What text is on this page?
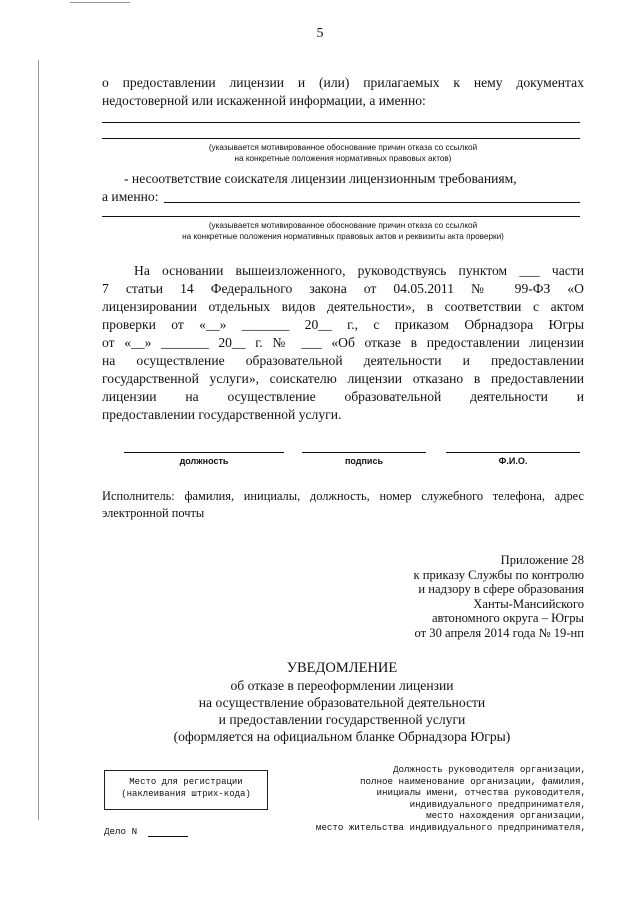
5
о предоставлении лицензии и (или) прилагаемых к нему документах
недостоверной или искаженной информации, а именно:
(указывается мотивированное обоснование причин отказа со ссылкой
на конкретные положения нормативных правовых актов)
- несоответствие соискателя лицензии лицензионным требованиям,
а именно:
(указывается мотивированное обоснование причин отказа со ссылкой
на конкретные положения нормативных правовых актов и реквизиты акта проверки)
На основании вышеизложенного, руководствуясь пунктом ___ части
7 статьи 14 Федерального закона от 04.05.2011 № 99-ФЗ «О
лицензировании отдельных видов деятельности», в соответствии с актом
проверки от «__» _______ 20__ г., с приказом Обрнадзора Югры
от «__» _______ 20__ г. № ___ «Об отказе в предоставлении лицензии
на осуществление образовательной деятельности и предоставлении
государственной услуги», соискателю лицензии отказано в предоставлении
лицензии на осуществление образовательной деятельности и
предоставлении государственной услуги.
должность	подпись	Ф.И.О.
Исполнитель: фамилия, инициалы, должность, номер служебного телефона, адрес
электронной почты
Приложение 28
к приказу Службы по контролю
и надзору в сфере образования
Ханты-Мансийского
автономного округа – Югры
от 30 апреля 2014 года № 19-нп
УВЕДОМЛЕНИЕ
об отказе в переоформлении лицензии
на осуществление образовательной деятельности
и предоставлении государственной услуги
(оформляется на официальном бланке Обрнадзора Югры)
Место для регистрации
(наклеивания штрих-кода)
Дело N
Должность руководителя организации,
полное наименование организации, фамилия,
инициалы имени, отчества руководителя,
индивидуального предпринимателя,
место нахождения организации,
место жительства индивидуального предпринимателя,
